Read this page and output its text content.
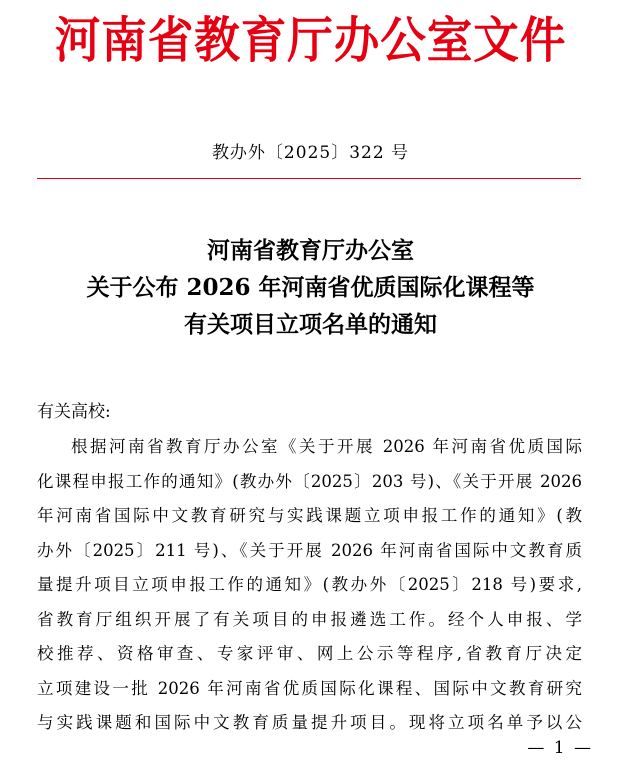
河南省教育厅办公室文件
教办外〔2025〕322 号
河南省教育厅办公室
关于公布 2026 年河南省优质国际化课程等
有关项目立项名单的通知
有关高校:
根据河南省教育厅办公室《关于开展 2026 年河南省优质国际
化课程申报工作的通知》(教办外〔2025〕203 号)、《关于开展 2026
年河南省国际中文教育研究与实践课题立项申报工作的通知》(教
办外〔2025〕211 号)、《关于开展 2026 年河南省国际中文教育质
量提升项目立项申报工作的通知》(教办外〔2025〕218 号)要求,
省教育厅组织开展了有关项目的申报遴选工作。经个人申报、学
校推荐、资格审查、专家评审、网上公示等程序,省教育厅决定
立项建设一批 2026 年河南省优质国际化课程、国际中文教育研究
与实践课题和国际中文教育质量提升项目。现将立项名单予以公
— 1 —
